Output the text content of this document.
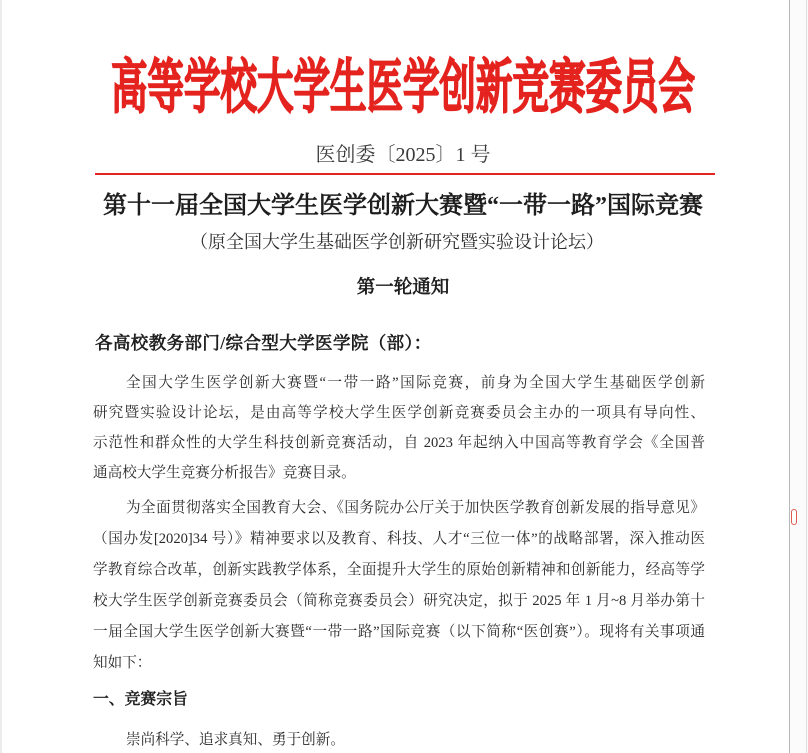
高等学校大学生医学创新竞赛委员会
医创委〔2025〕1 号
第十一届全国大学生医学创新大赛暨“一带一路”国际竞赛
（原全国大学生基础医学创新研究暨实验设计论坛）
第一轮通知
各高校教务部门/综合型大学医学院（部）：
全国大学生医学创新大赛暨“一带一路”国际竞赛，前身为全国大学生基础医学创新
研究暨实验设计论坛，是由高等学校大学生医学创新竞赛委员会主办的一项具有导向性、
示范性和群众性的大学生科技创新竞赛活动，自 2023 年起纳入中国高等教育学会《全国普
通高校大学生竞赛分析报告》竞赛目录。
为全面贯彻落实全国教育大会、《国务院办公厅关于加快医学教育创新发展的指导意见》
（国办发[2020]34 号）》精神要求以及教育、科技、人才“三位一体”的战略部署，深入推动医
学教育综合改革，创新实践教学体系，全面提升大学生的原始创新精神和创新能力，经高等学
校大学生医学创新竞赛委员会（简称竞赛委员会）研究决定，拟于 2025 年 1 月~8 月举办第十
一届全国大学生医学创新大赛暨“一带一路”国际竞赛（以下简称“医创赛”）。现将有关事项通
知如下：
一、竞赛宗旨
崇尚科学、追求真知、勇于创新。
